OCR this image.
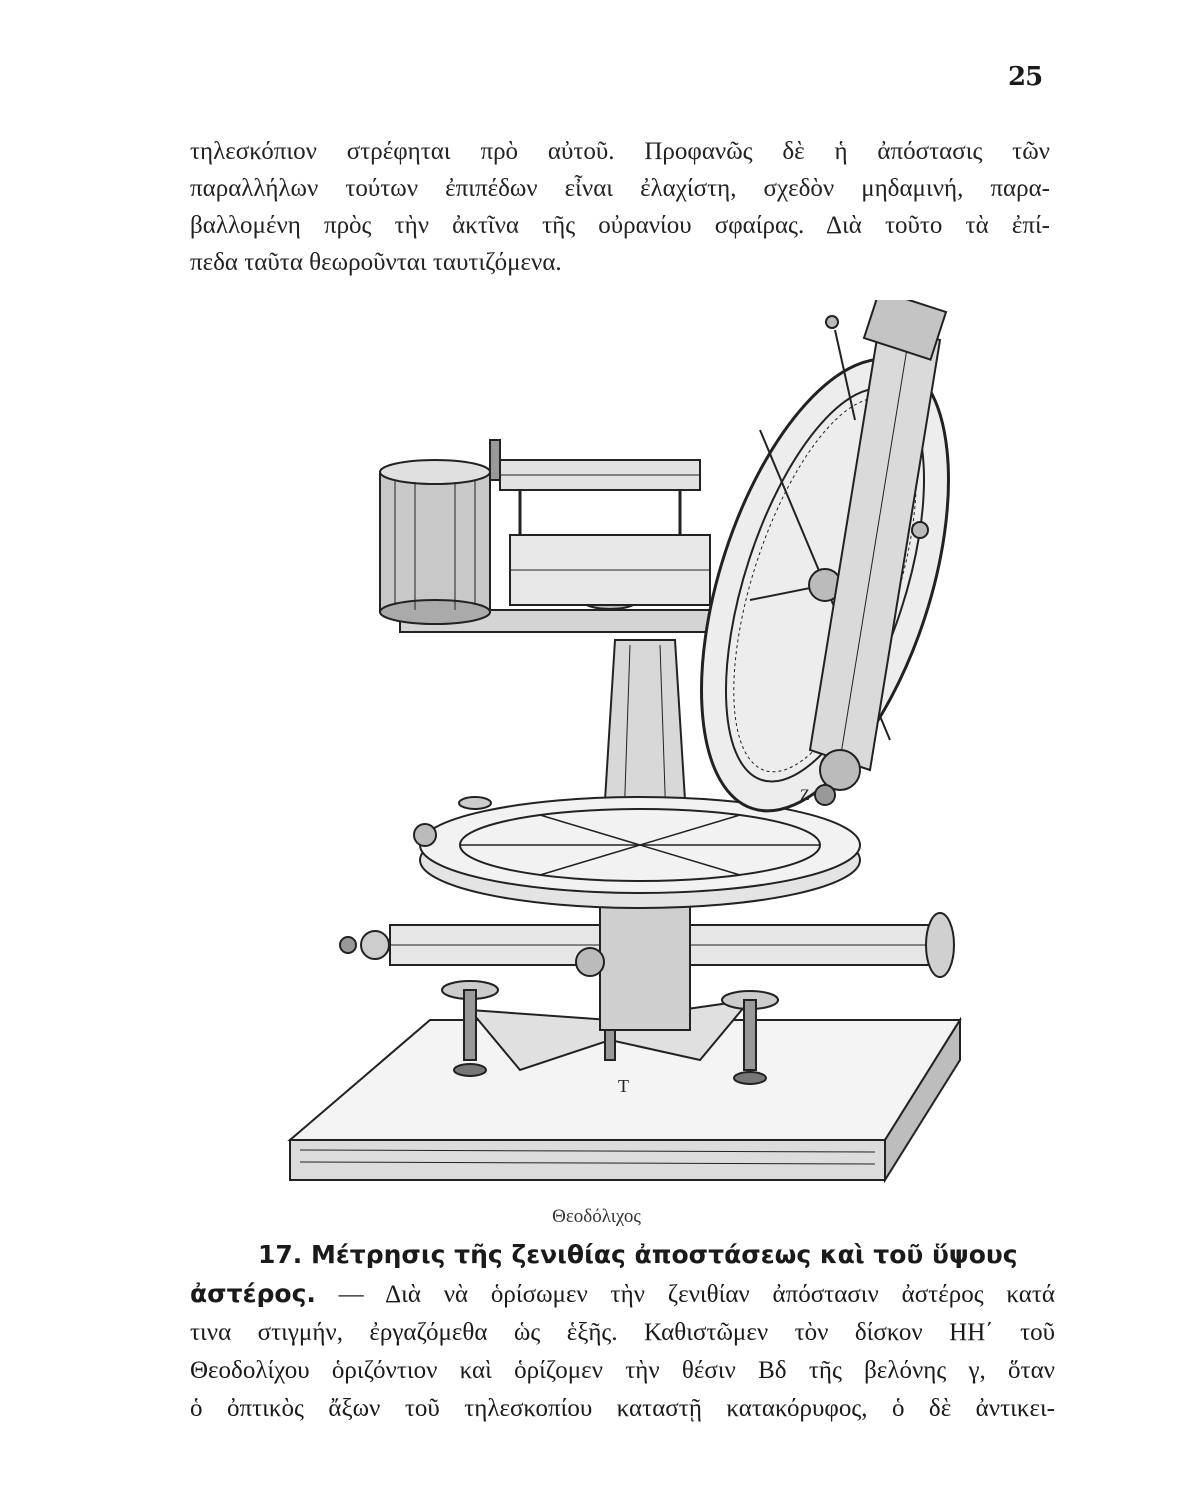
25

τηλεσκόπιον στρέφηται πρὸ αὐτοῦ. Προφανῶς δὲ ἡ ἀπόστασις τῶν
παραλλήλων τούτων ἐπιπέδων εἶναι ἐλαχίστη, σχεδὸν μηδαμινή, παρα-
βαλλομένη πρὸς τὴν ἀκτῖνα τῆς οὐρανίου σφαίρας. Διὰ τοῦτο τὰ ἐπί-
πεδα ταῦτα θεωροῦνται ταυτιζόμενα.

T
Ζ
Θεοδόλιχος
17. Μέτρησις τῆς ζενιθίας ἀποστάσεως καὶ τοῦ ὕψους
ἀστέρος. — Διὰ νὰ ὁρίσωμεν τὴν ζενιθίαν ἀπόστασιν ἀστέρος κατά
τινα στιγμήν, ἐργαζόμεθα ὡς ἑξῆς. Καθιστῶμεν τὸν δίσκον ΗΗ΄ τοῦ
Θεοδολίχου ὁριζόντιον καὶ ὁρίζομεν τὴν θέσιν Βδ τῆς βελόνης γ, ὅταν
ὁ ὀπτικὸς ἄξων τοῦ τηλεσκοπίου καταστῇ κατακόρυφος, ὁ δὲ ἀντικει-
